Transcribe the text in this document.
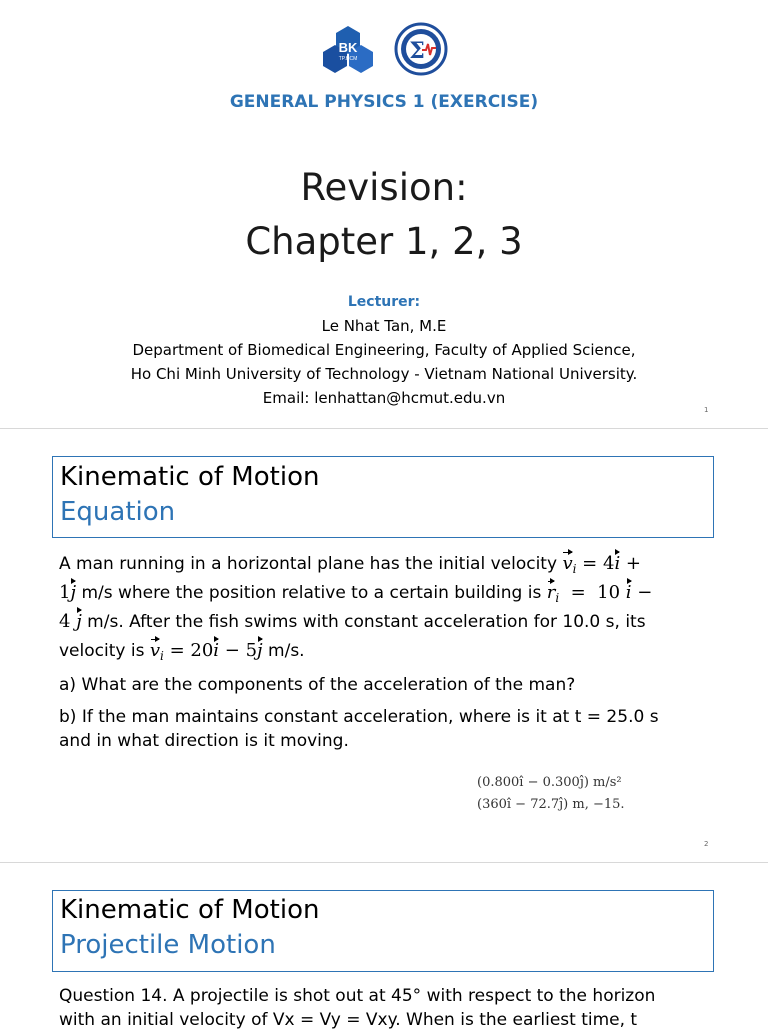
BK
TP.HCM Σ
GENERAL PHYSICS 1 (EXERCISE)
Revision:
Chapter 1, 2, 3
Lecturer:
Le Nhat Tan, M.E
Department of Biomedical Engineering, Faculty of Applied Science,
Ho Chi Minh University of Technology - Vietnam National University.
Email: lenhattan@hcmut.edu.vn
1
Kinematic of Motion
Equation
A man running in a horizontal plane has the initial velocity $v_i = 4i$ +
1j m/s where the position relative to a certain building is $r_i = 10$ i −
4 j m/s. After the fish swims with constant acceleration for 10.0 s, its
velocity is $v_i = 20i - 5j$ m/s.
a) What are the components of the acceleration of the man?
b) If the man maintains constant acceleration, where is it at t = 25.0 s
and in what direction is it moving.
(0.800î − 0.300ĵ) m/s²
(360î − 72.7ĵ) m, −15.
2
Kinematic of Motion
Projectile Motion
Question 14. A projectile is shot out at 45° with respect to the horizon
with an initial velocity of Vx = Vy = Vxy. When is the earliest time, t
